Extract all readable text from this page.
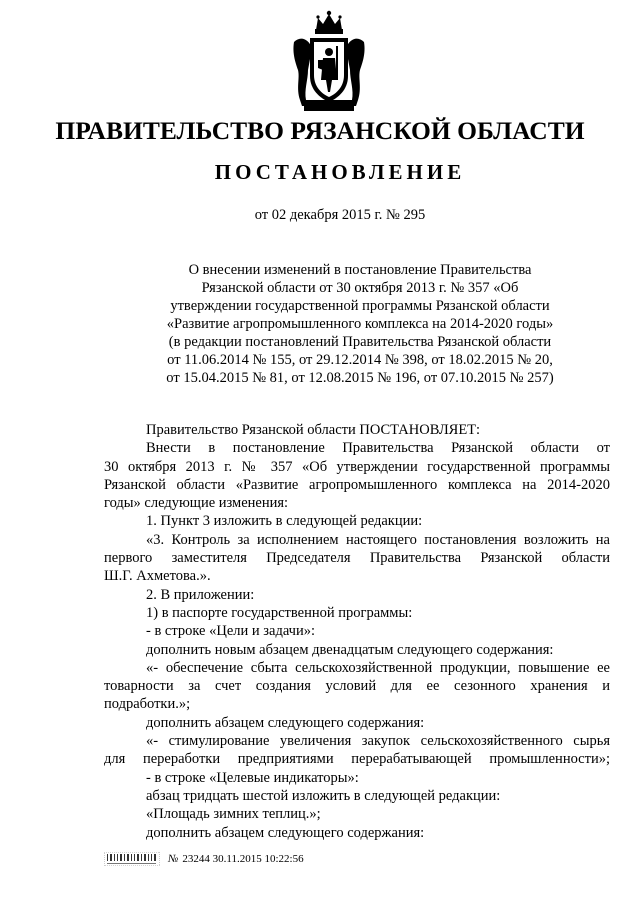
ПРАВИТЕЛЬСТВО РЯЗАНСКОЙ ОБЛАСТИ
ПОСТАНОВЛЕНИЕ
от 02 декабря 2015 г. № 295
О внесении изменений в постановление Правительства
Рязанской области от 30 октября 2013 г. № 357 «Об
утверждении государственной программы Рязанской области
«Развитие агропромышленного комплекса на 2014-2020 годы»
(в редакции постановлений Правительства Рязанской области
от 11.06.2014 № 155, от 29.12.2014 № 398, от 18.02.2015 № 20,
от 15.04.2015 № 81, от 12.08.2015 № 196, от 07.10.2015 № 257)
Правительство Рязанской области ПОСТАНОВЛЯЕТ:
Внести в постановление Правительства Рязанской области от
30 октября 2013 г. № 357 «Об утверждении государственной программы
Рязанской области «Развитие агропромышленного комплекса на 2014-2020
годы» следующие изменения:
1. Пункт 3 изложить в следующей редакции:
«3. Контроль за исполнением настоящего постановления возложить на
первого заместителя Председателя Правительства Рязанской области
Ш.Г. Ахметова.».
2. В приложении:
1) в паспорте государственной программы:
- в строке «Цели и задачи»:
дополнить новым абзацем двенадцатым следующего содержания:
«- обеспечение сбыта сельскохозяйственной продукции, повышение ее
товарности за счет создания условий для ее сезонного хранения и
подработки.»;
дополнить абзацем следующего содержания:
«- стимулирование увеличения закупок сельскохозяйственного сырья
для переработки предприятиями перерабатывающей промышленности»;
- в строке «Целевые индикаторы»:
абзац тридцать шестой изложить в следующей редакции:
«Площадь зимних теплиц.»;
дополнить абзацем следующего содержания:
№ 23244 30.11.2015 10:22:56
